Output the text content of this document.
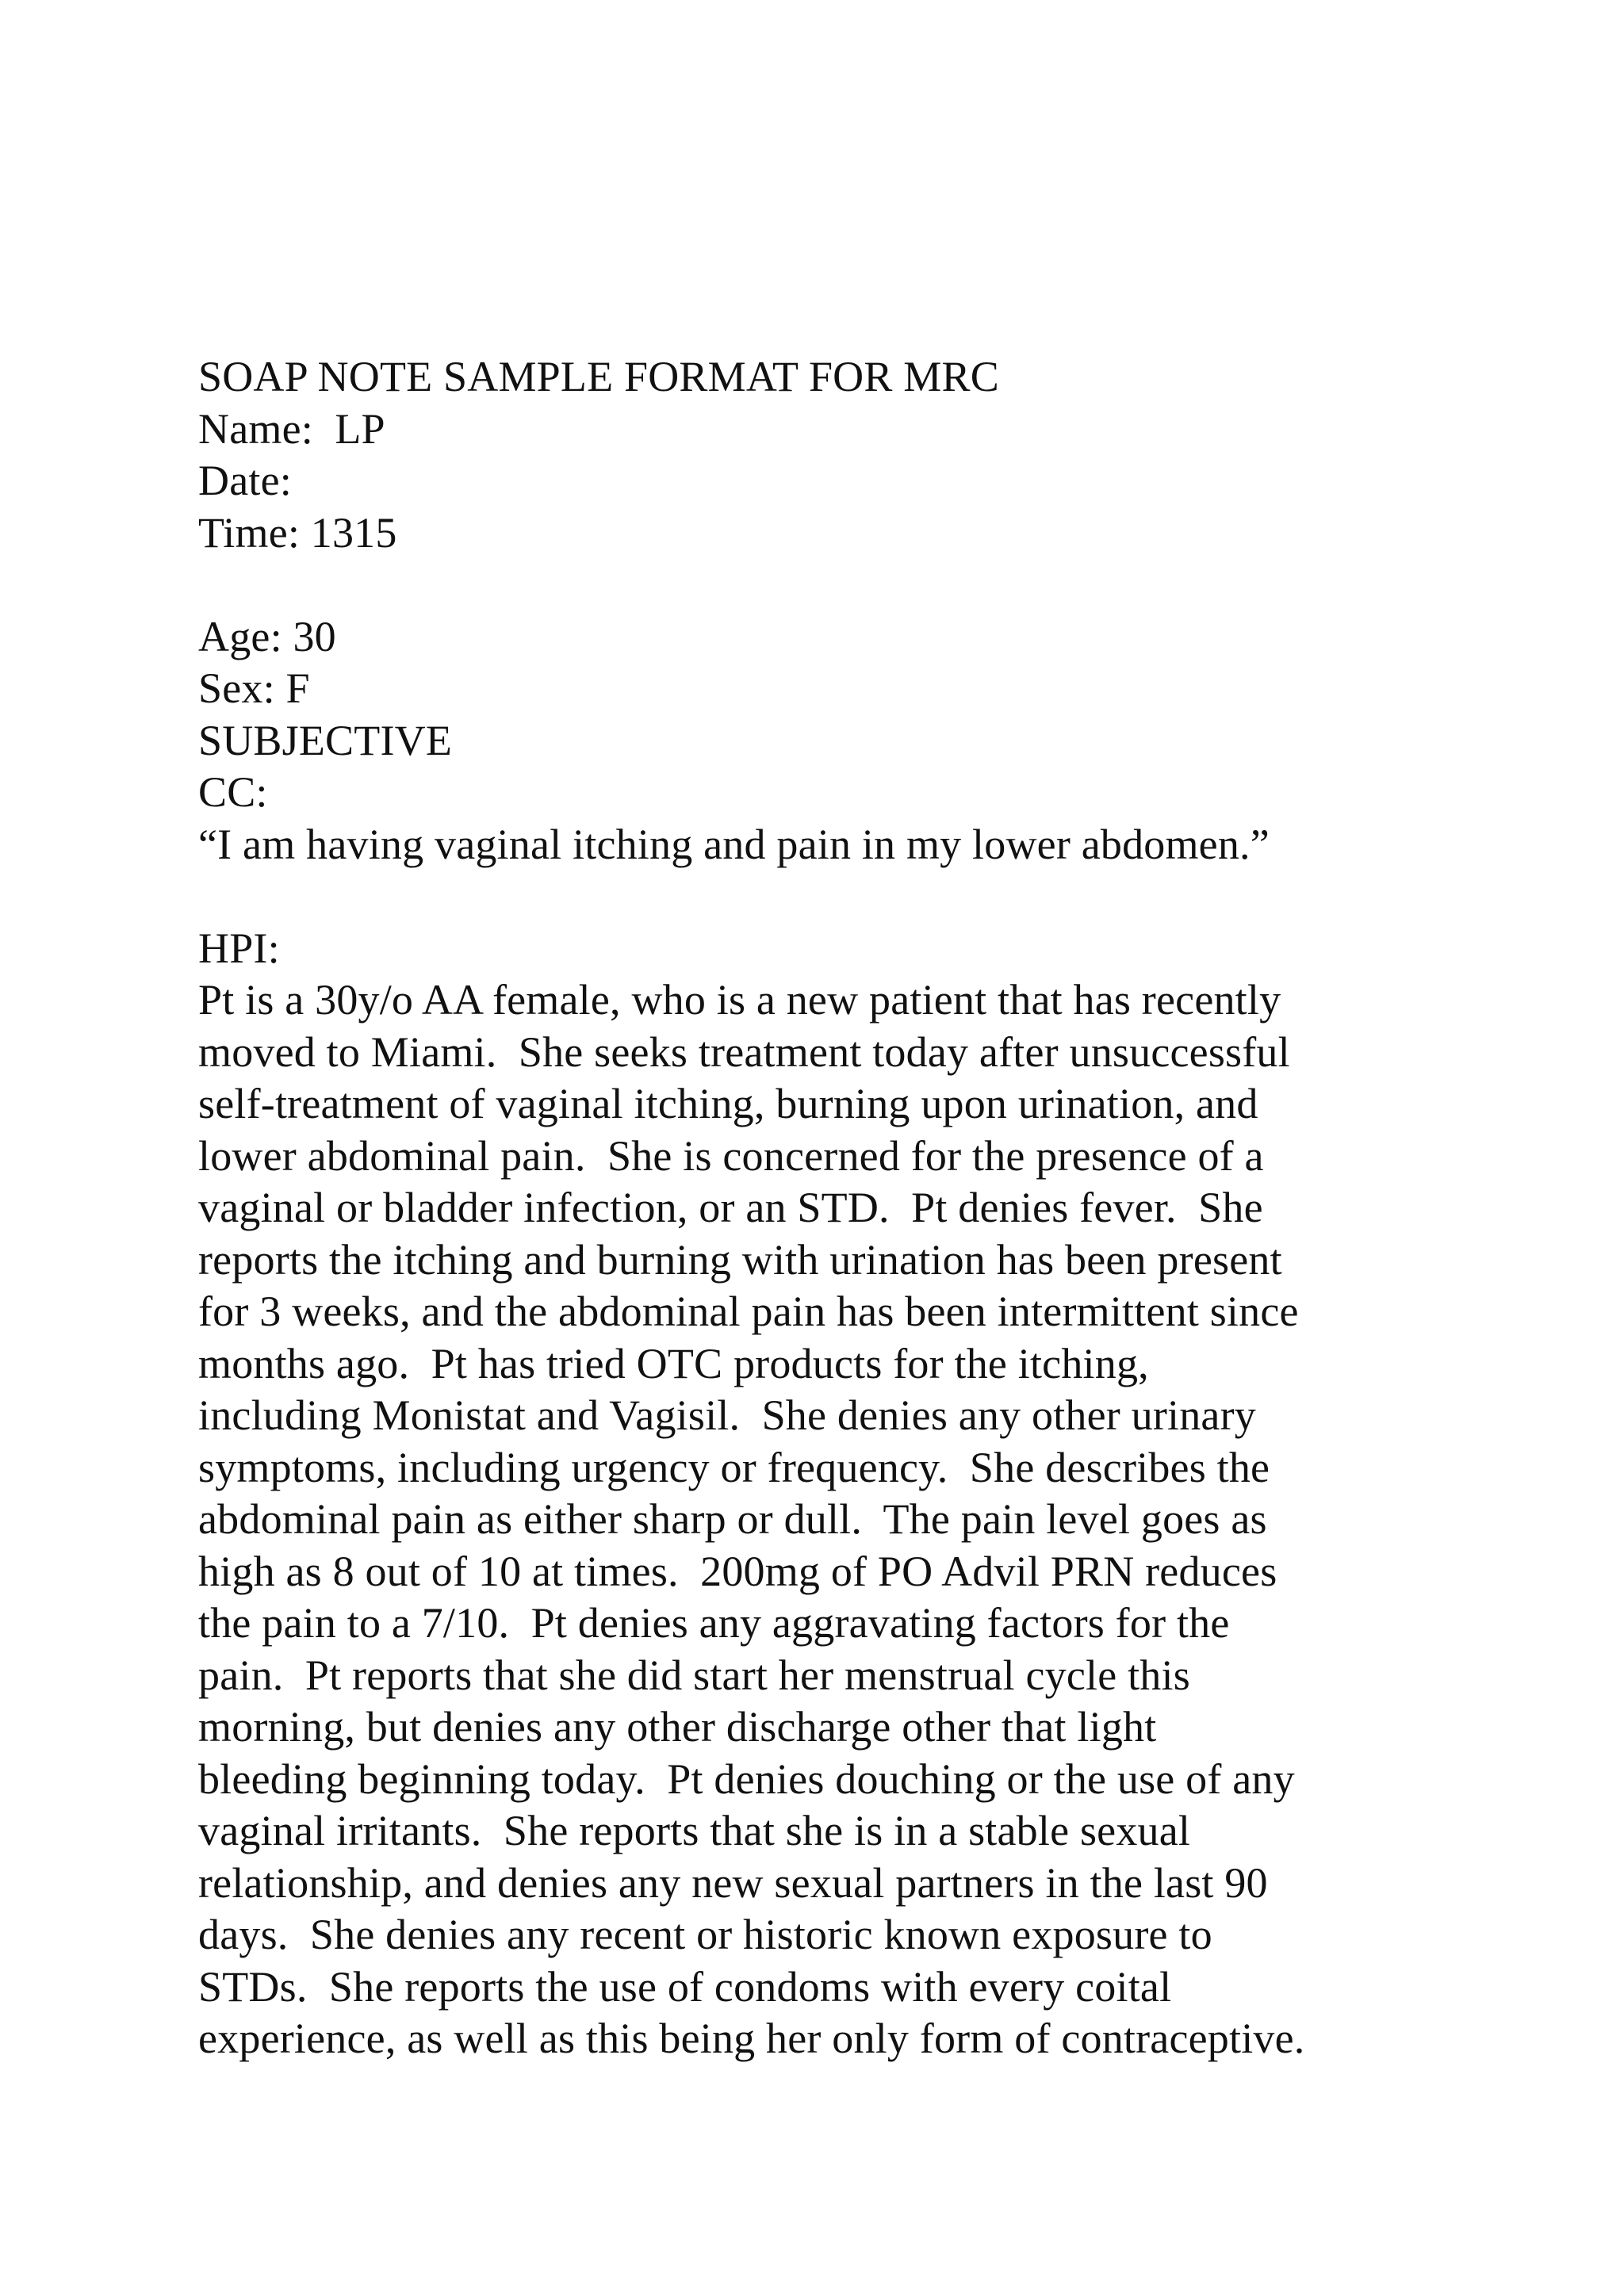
SOAP NOTE SAMPLE FORMAT FOR MRC
Name:  LP
Date:
Time: 1315
Age: 30
Sex: F
SUBJECTIVE
CC:
“I am having vaginal itching and pain in my lower abdomen.”
HPI:
Pt is a 30y/o AA female, who is a new patient that has recently
moved to Miami.  She seeks treatment today after unsuccessful
self-treatment of vaginal itching, burning upon urination, and
lower abdominal pain.  She is concerned for the presence of a
vaginal or bladder infection, or an STD.  Pt denies fever.  She
reports the itching and burning with urination has been present
for 3 weeks, and the abdominal pain has been intermittent since
months ago.  Pt has tried OTC products for the itching,
including Monistat and Vagisil.  She denies any other urinary
symptoms, including urgency or frequency.  She describes the
abdominal pain as either sharp or dull.  The pain level goes as
high as 8 out of 10 at times.  200mg of PO Advil PRN reduces
the pain to a 7/10.  Pt denies any aggravating factors for the
pain.  Pt reports that she did start her menstrual cycle this
morning, but denies any other discharge other that light
bleeding beginning today.  Pt denies douching or the use of any
vaginal irritants.  She reports that she is in a stable sexual
relationship, and denies any new sexual partners in the last 90
days.  She denies any recent or historic known exposure to
STDs.  She reports the use of condoms with every coital
experience, as well as this being her only form of contraceptive.
